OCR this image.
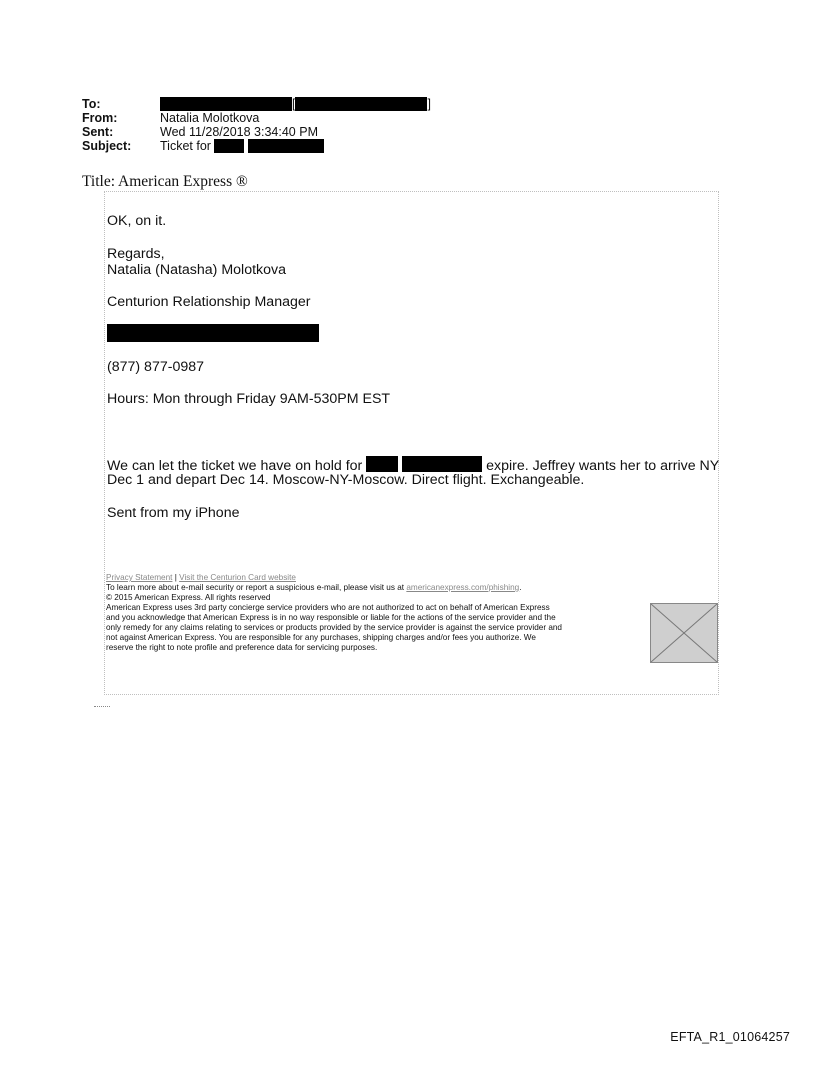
To:	[	]
From:	Natalia Molotkova
Sent:	Wed 11/28/2018 3:34:40 PM
Subject:	Ticket for
Title: American Express ®
OK, on it.
Regards,
Natalia (Natasha) Molotkova
Centurion Relationship Manager
(877) 877-0987
Hours: Mon through Friday 9AM-530PM EST
We can let the ticket we have on hold for	expire. Jeffrey wants her to arrive NY
Dec 1 and depart Dec 14. Moscow-NY-Moscow. Direct flight. Exchangeable.
Sent from my iPhone
Privacy Statement | Visit the Centurion Card website
To learn more about e-mail security or report a suspicious e-mail, please visit us at americanexpress.com/phishing.
© 2015 American Express. All rights reserved
American Express uses 3rd party concierge service providers who are not authorized to act on behalf of American Express
and you acknowledge that American Express is in no way responsible or liable for the actions of the service provider and the
only remedy for any claims relating to services or products provided by the service provider is against the service provider and
not against American Express. You are responsible for any purchases, shipping charges and/or fees you authorize. We
reserve the right to note profile and preference data for servicing purposes.
EFTA_R1_01064257
